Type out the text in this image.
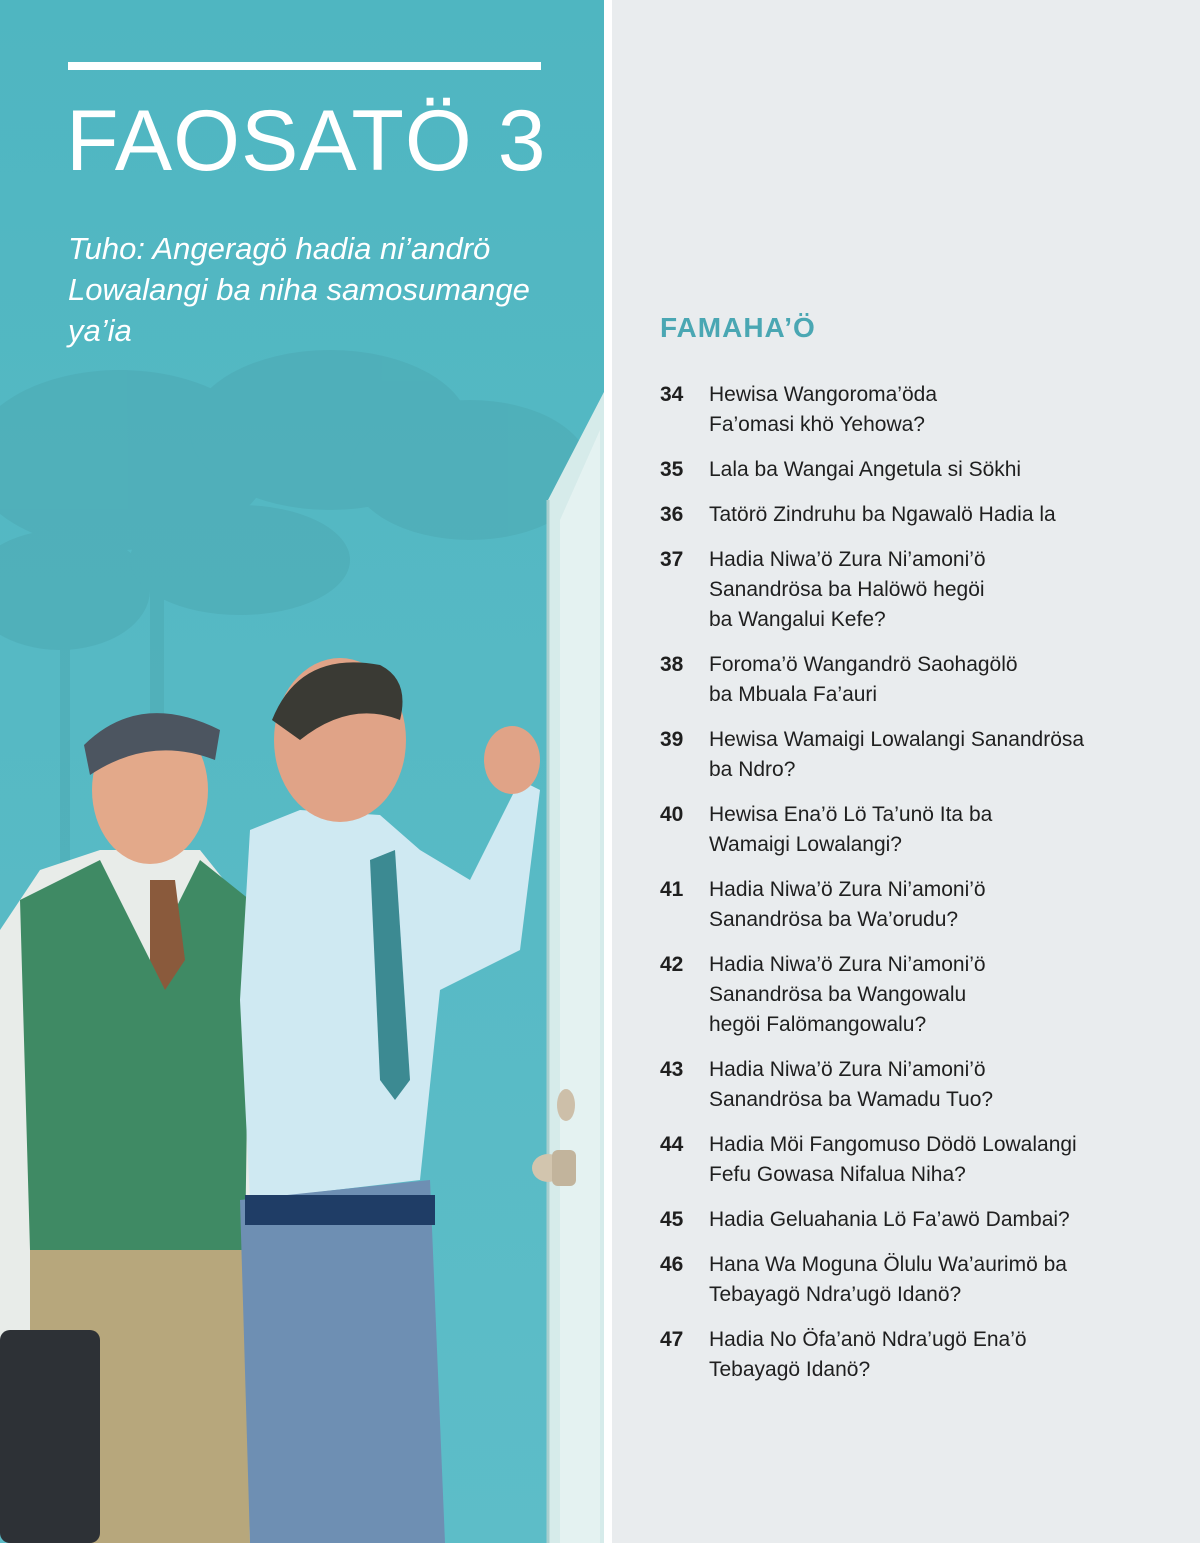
FAOSATÖ 3

Tuho: Angeragö hadia ni’andrö Lowalangi ba niha samosumange ya’ia	FAMAHA’Ö
34	Hewisa Wangoroma’öda
Fa’omasi khö Yehowa?
35	Lala ba Wangai Angetula si Sökhi
36	Tatörö Zindruhu ba Ngawalö Hadia la
37	Hadia Niwa’ö Zura Ni’amoni’ö
Sanandrösa ba Halöwö hegöi
ba Wangalui Kefe?
38	Foroma’ö Wangandrö Saohagölö
ba Mbuala Fa’auri
39	Hewisa Wamaigi Lowalangi Sanandrösa
ba Ndro?
40	Hewisa Ena’ö Lö Ta’unö Ita ba
Wamaigi Lowalangi?
41	Hadia Niwa’ö Zura Ni’amoni’ö
Sanandrösa ba Wa’orudu?
42	Hadia Niwa’ö Zura Ni’amoni’ö
Sanandrösa ba Wangowalu
hegöi Falömangowalu?
43	Hadia Niwa’ö Zura Ni’amoni’ö
Sanandrösa ba Wamadu Tuo?
44	Hadia Möi Fangomuso Dödö Lowalangi
Fefu Gowasa Nifalua Niha?
45	Hadia Geluahania Lö Fa’awö Dambai?
46	Hana Wa Moguna Ölulu Wa’aurimö ba
Tebayagö Ndra’ugö Idanö?
47	Hadia No Öfa’anö Ndra’ugö Ena’ö
Tebayagö Idanö?
